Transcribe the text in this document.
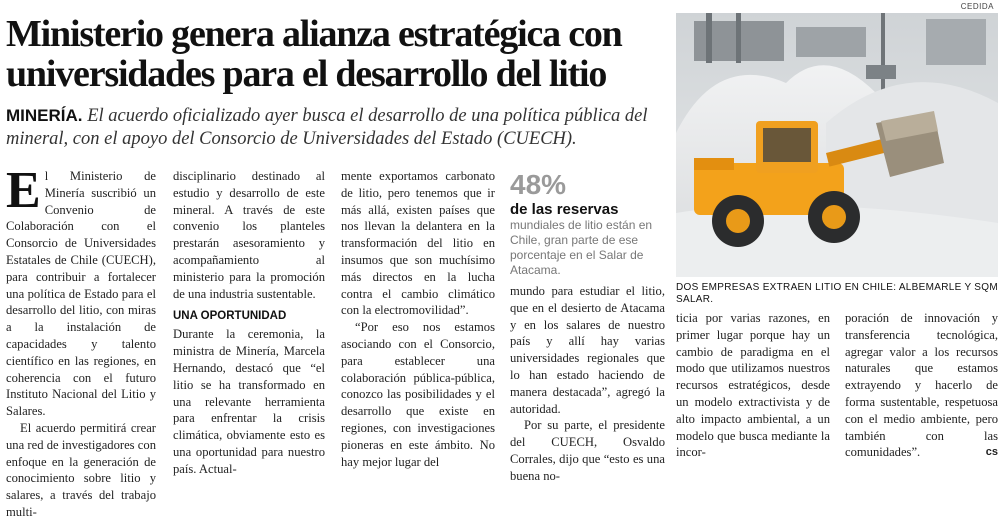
Ministerio genera alianza estratégica con
universidades para el desarrollo del litio
MINERÍA. El acuerdo oficializado ayer busca el desarrollo de una política pública del mineral, con el apoyo del Consorcio de Universidades del Estado (CUECH).

El Ministerio de Minería suscribió un Convenio de Colaboración con el Consorcio de Universidades Estatales de Chile (CUECH), para contribuir a fortalecer una política de Estado para el desarrollo del litio, con miras a la instalación de capacidades y talento científico en las regiones, en coherencia con el futuro Instituto Nacional del Litio y Salares.

El acuerdo permitirá crear una red de investigadores con enfoque en la generación de conocimiento sobre litio y salares, a través del trabajo multi-

disciplinario destinado al estudio y desarrollo de este mineral. A través de este convenio los planteles prestarán asesoramiento y acompañamiento al ministerio para la promoción de una industria sustentable.

UNA OPORTUNIDAD

Durante la ceremonia, la ministra de Minería, Marcela Hernando, destacó que “el litio se ha transformado en una relevante herramienta para enfrentar la crisis climática, obviamente esto es una oportunidad para nuestro país. Actual-

mente exportamos carbonato de litio, pero tenemos que ir más allá, existen países que nos llevan la delantera en la transformación del litio en insumos que son muchísimo más directos en la lucha contra el cambio climático con la electromovilidad”.

“Por eso nos estamos asociando con el Consorcio, para establecer una colaboración pública-pública, conozco las posibilidades y el desarrollo que existe en regiones, con investigaciones pioneras en este ámbito. No hay mejor lugar del

48%
de las reservas mundiales de litio están en Chile, gran parte de ese porcentaje en el Salar de Atacama.

mundo para estudiar el litio, que en el desierto de Atacama y en los salares de nuestro país y allí hay varias universidades regionales que lo han estado haciendo de manera destacada”, agregó la autoridad.

Por su parte, el presidente del CUECH, Osvaldo Corrales, dijo que “esto es una buena no-

ticia por varias razones, en primer lugar porque hay un cambio de paradigma en el modo que utilizamos nuestros recursos estratégicos, desde un modelo extractivista y de alto impacto ambiental, a un modelo que busca mediante la incor-

poración de innovación y transferencia tecnológica, agregar valor a los recursos naturales que estamos extrayendo y hacerlo de forma sustentable, respetuosa con el medio ambiente, pero también con las comunidades”.	cs

CEDIDA
DOS EMPRESAS EXTRAEN LITIO EN CHILE: ALBEMARLE Y SQM SALAR.
